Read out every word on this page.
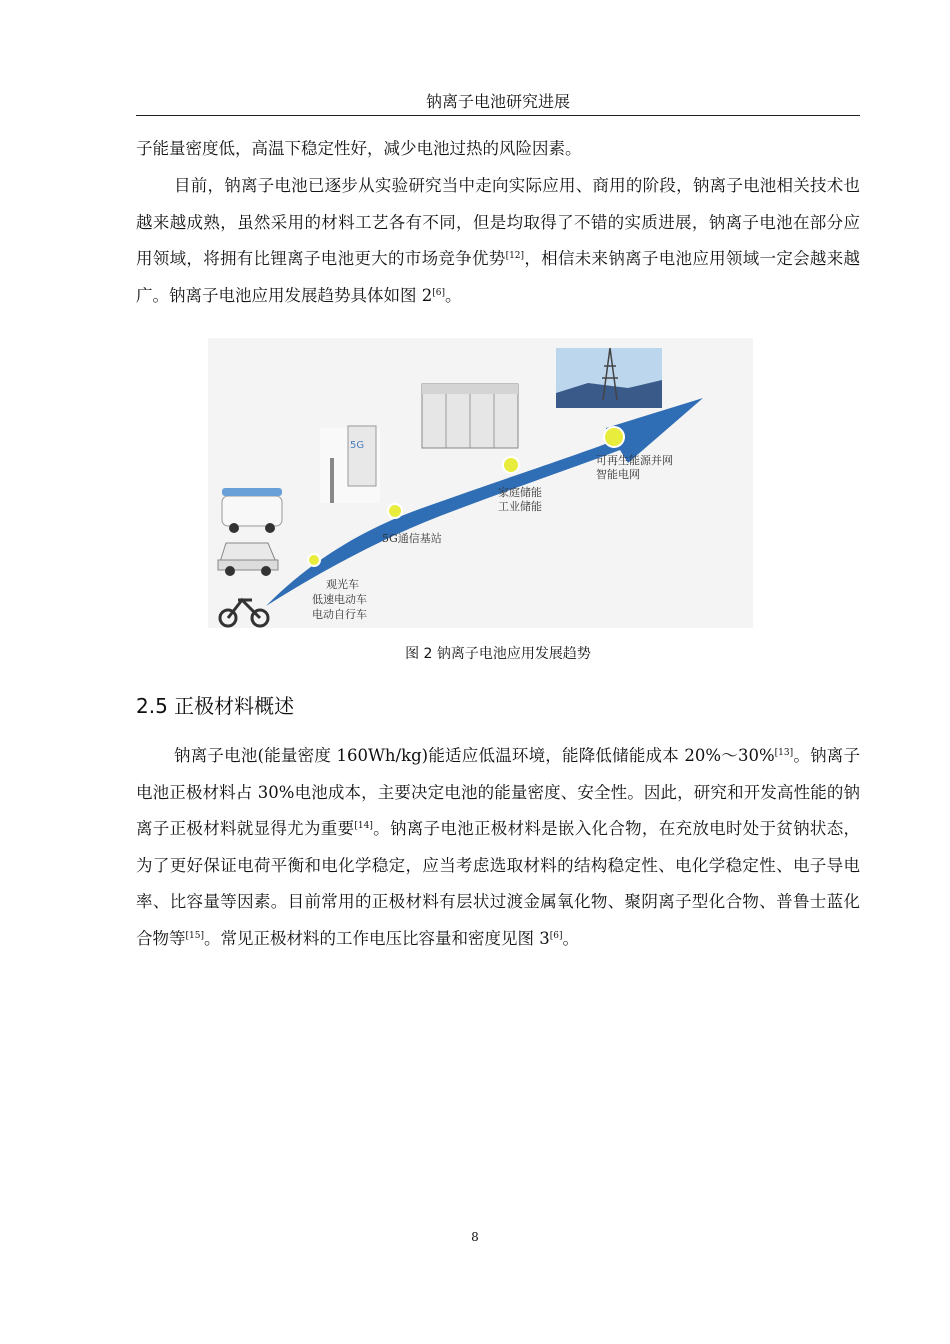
钠离子电池研究进展

子能量密度低，高温下稳定性好，减少电池过热的风险因素。

目前，钠离子电池已逐步从实验研究当中走向实际应用、商用的阶段，钠离子电池相关技术也越来越成熟，虽然采用的材料工艺各有不同，但是均取得了不错的实质进展，钠离子电池在部分应用领域，将拥有比锂离子电池更大的市场竞争优势[12]，相信未来钠离子电池应用领域一定会越来越广。钠离子电池应用发展趋势具体如图 2[6]。

5G
观光车
低速电动车
电动自行车
5G通信基站
家庭储能
工业储能
可再生能源并网
智能电网
图 2 钠离子电池应用发展趋势
2.5 正极材料概述

钠离子电池(能量密度 160Wh/kg)能适应低温环境，能降低储能成本 20%～30%[13]。钠离子电池正极材料占 30%电池成本，主要决定电池的能量密度、安全性。因此，研究和开发高性能的钠离子正极材料就显得尤为重要[14]。钠离子电池正极材料是嵌入化合物，在充放电时处于贫钠状态，为了更好保证电荷平衡和电化学稳定，应当考虑选取材料的结构稳定性、电化学稳定性、电子导电率、比容量等因素。目前常用的正极材料有层状过渡金属氧化物、聚阴离子型化合物、普鲁士蓝化合物等[15]。常见正极材料的工作电压比容量和密度见图 3[6]。

8
